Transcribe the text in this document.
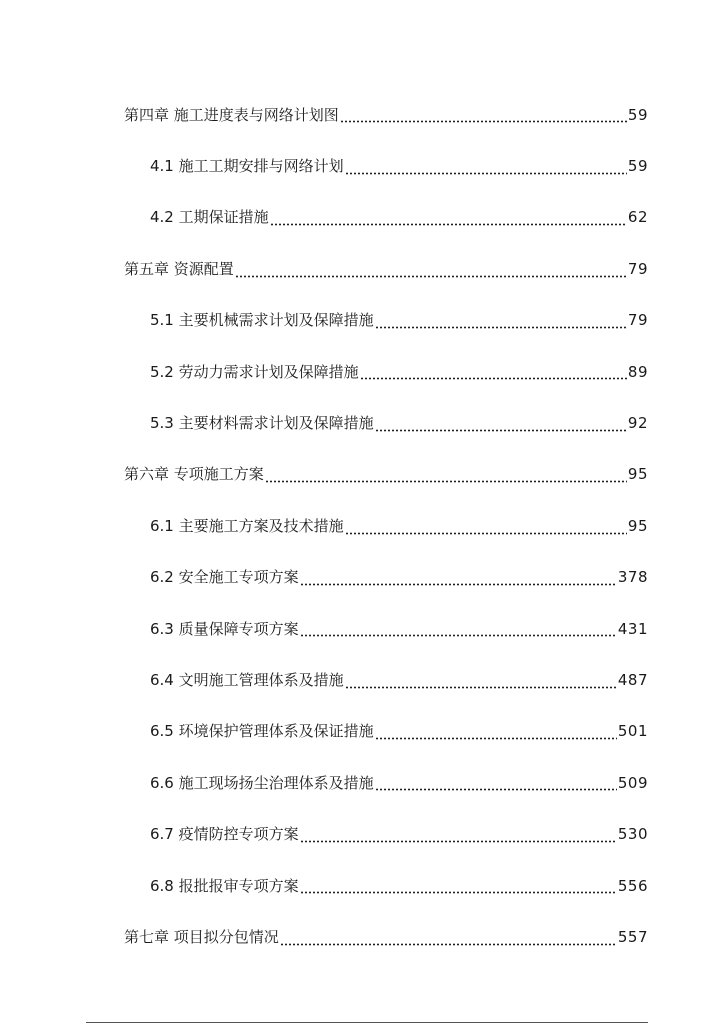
第四章 施工进度表与网络计划图	59
4.1 施工工期安排与网络计划	59
4.2 工期保证措施	62
第五章 资源配置	79
5.1 主要机械需求计划及保障措施	79
5.2 劳动力需求计划及保障措施	89
5.3 主要材料需求计划及保障措施	92
第六章 专项施工方案	95
6.1 主要施工方案及技术措施	95
6.2 安全施工专项方案	378
6.3 质量保障专项方案	431
6.4 文明施工管理体系及措施	487
6.5 环境保护管理体系及保证措施	501
6.6 施工现场扬尘治理体系及措施	509
6.7 疫情防控专项方案	530
6.8 报批报审专项方案	556
第七章 项目拟分包情况	557
